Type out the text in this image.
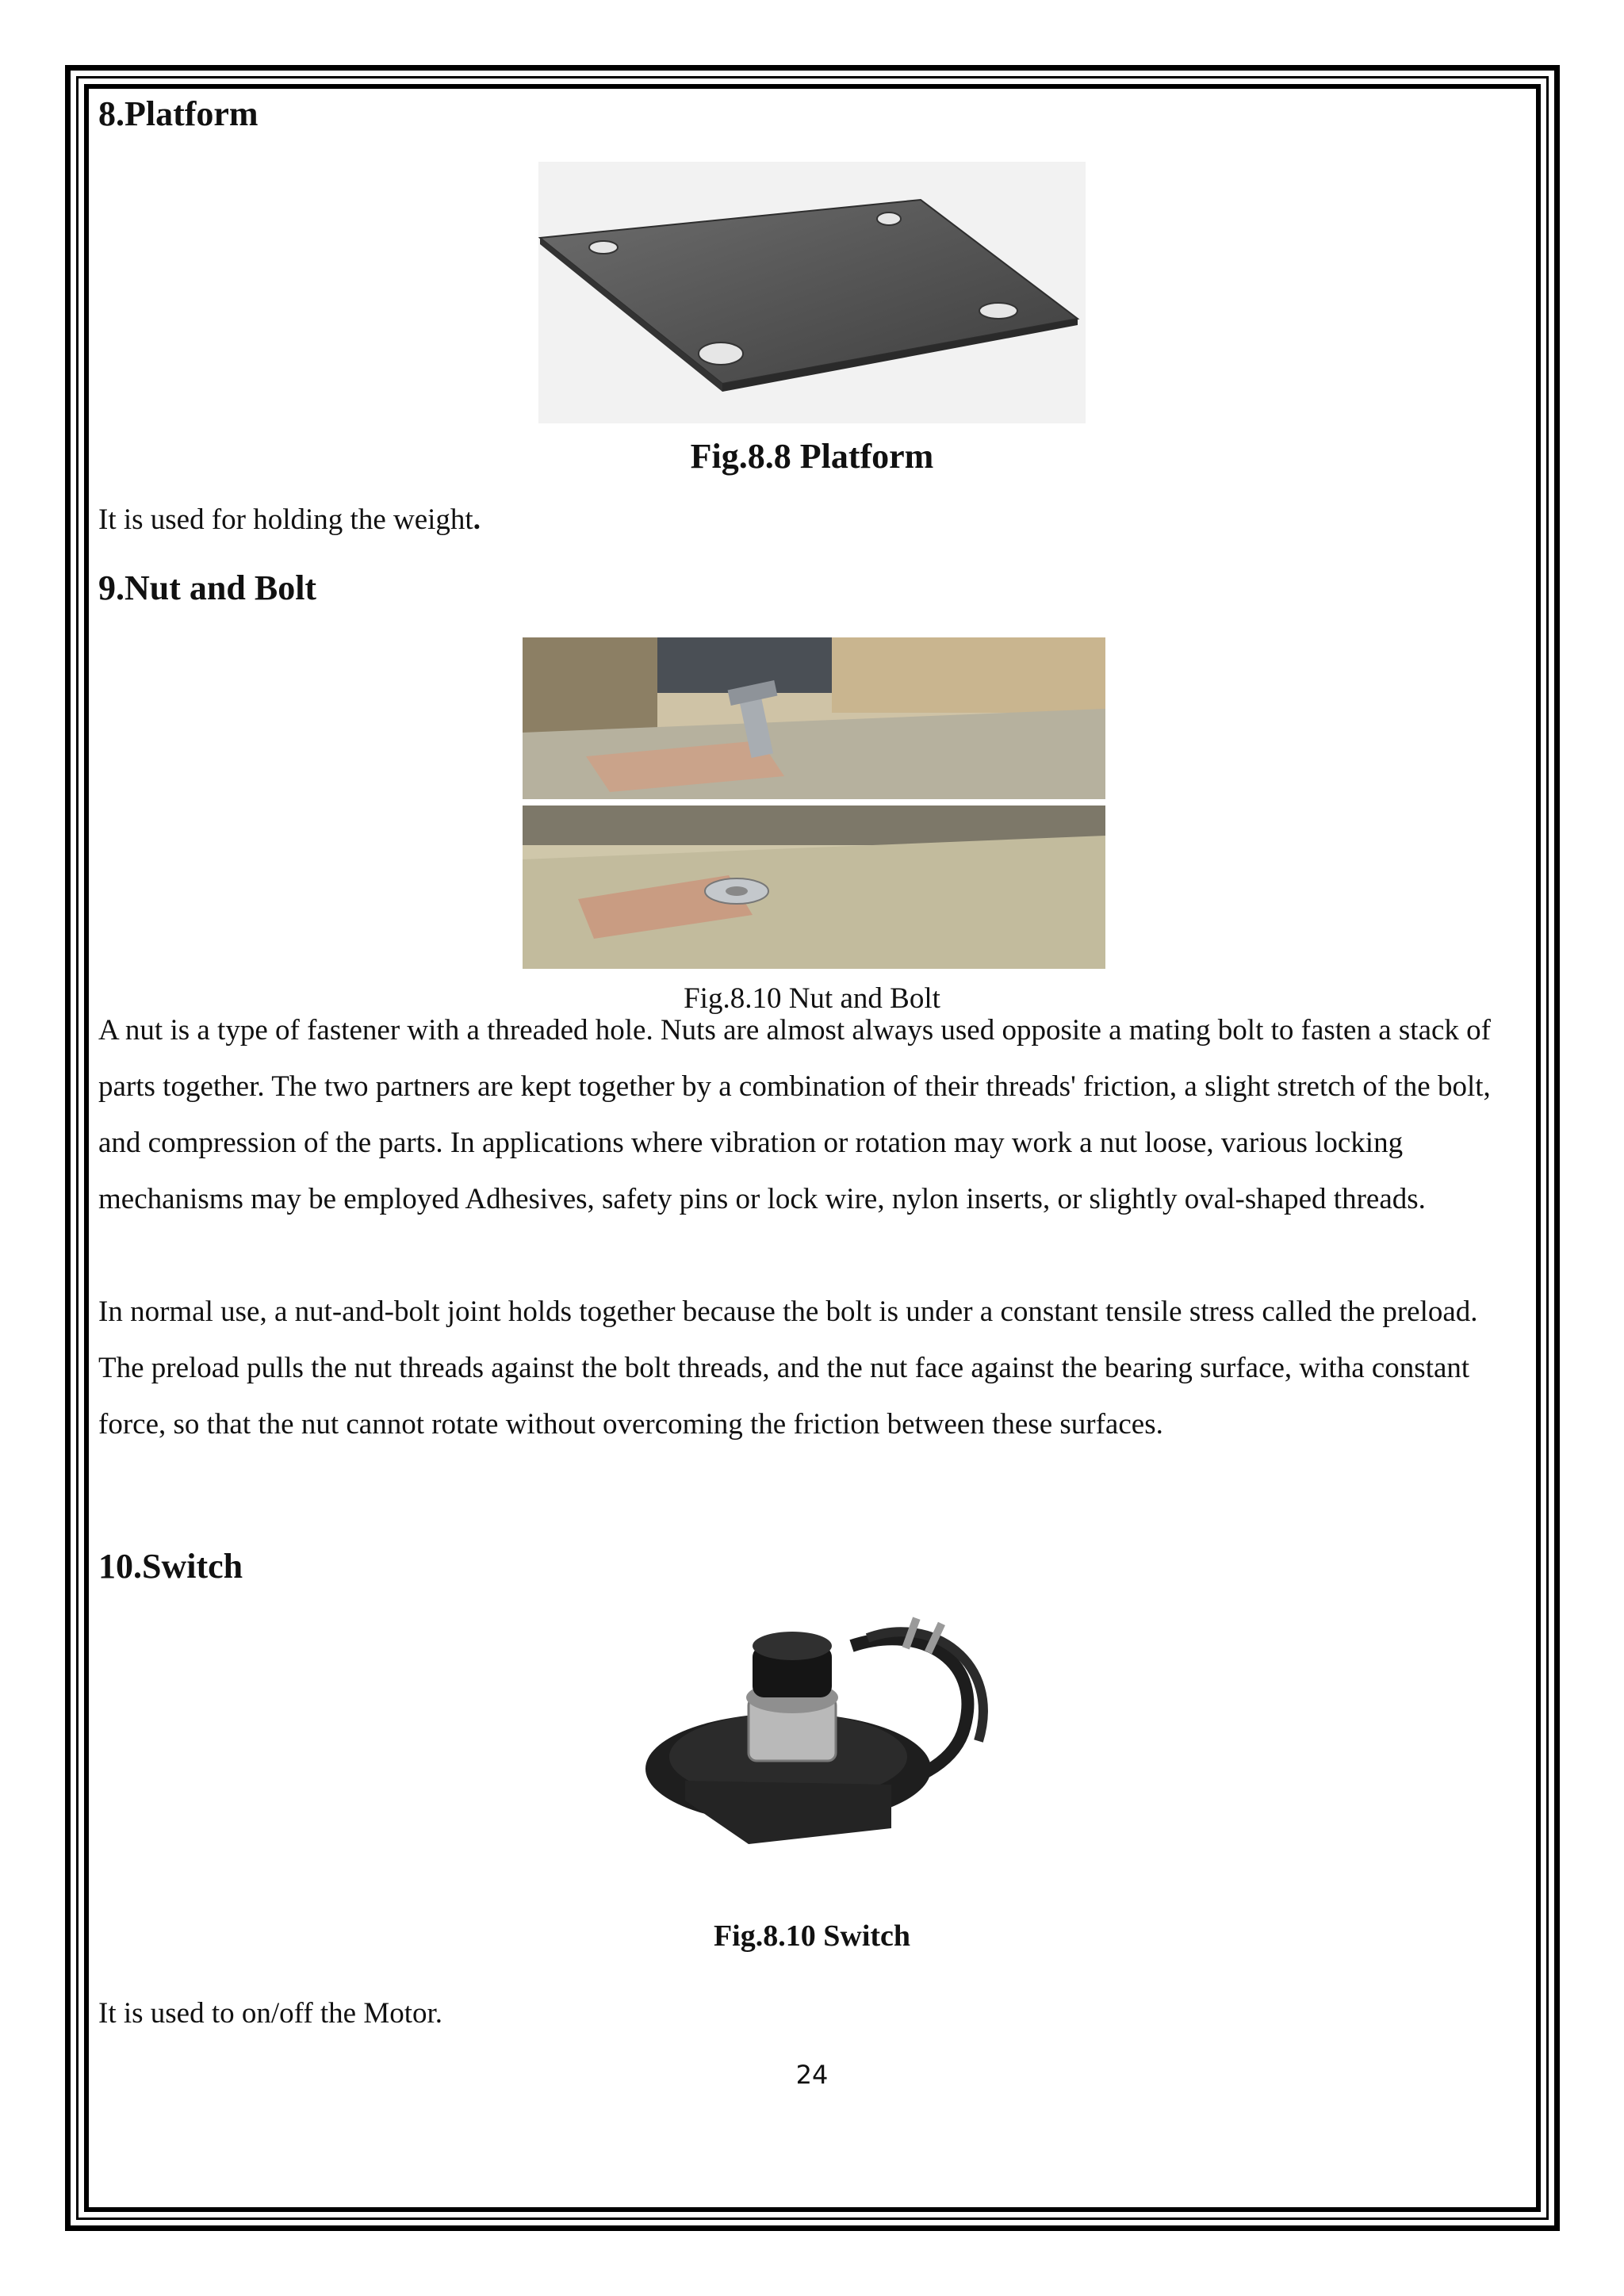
8.Platform
Fig.8.8 Platform

It is used for holding the weight.

9.Nut and Bolt
Fig.8.10 Nut and Bolt

A nut is a type of fastener with a threaded hole. Nuts are almost always used opposite a mating bolt to fasten a stack of parts together. The two partners are kept together by a combination of their threads' friction, a slight stretch of the bolt, and compression of the parts. In applications where vibration or rotation may work a nut loose, various locking mechanisms may be employed Adhesives, safety pins or lock wire, nylon inserts, or slightly oval-shaped threads.

In normal use, a nut-and-bolt joint holds together because the bolt is under a constant tensile stress called the preload. The preload pulls the nut threads against the bolt threads, and the nut face against the bearing surface, witha constant force, so that the nut cannot rotate without overcoming the friction between these surfaces.

10.Switch
Fig.8.10 Switch

It is used to on/off the Motor.

24
